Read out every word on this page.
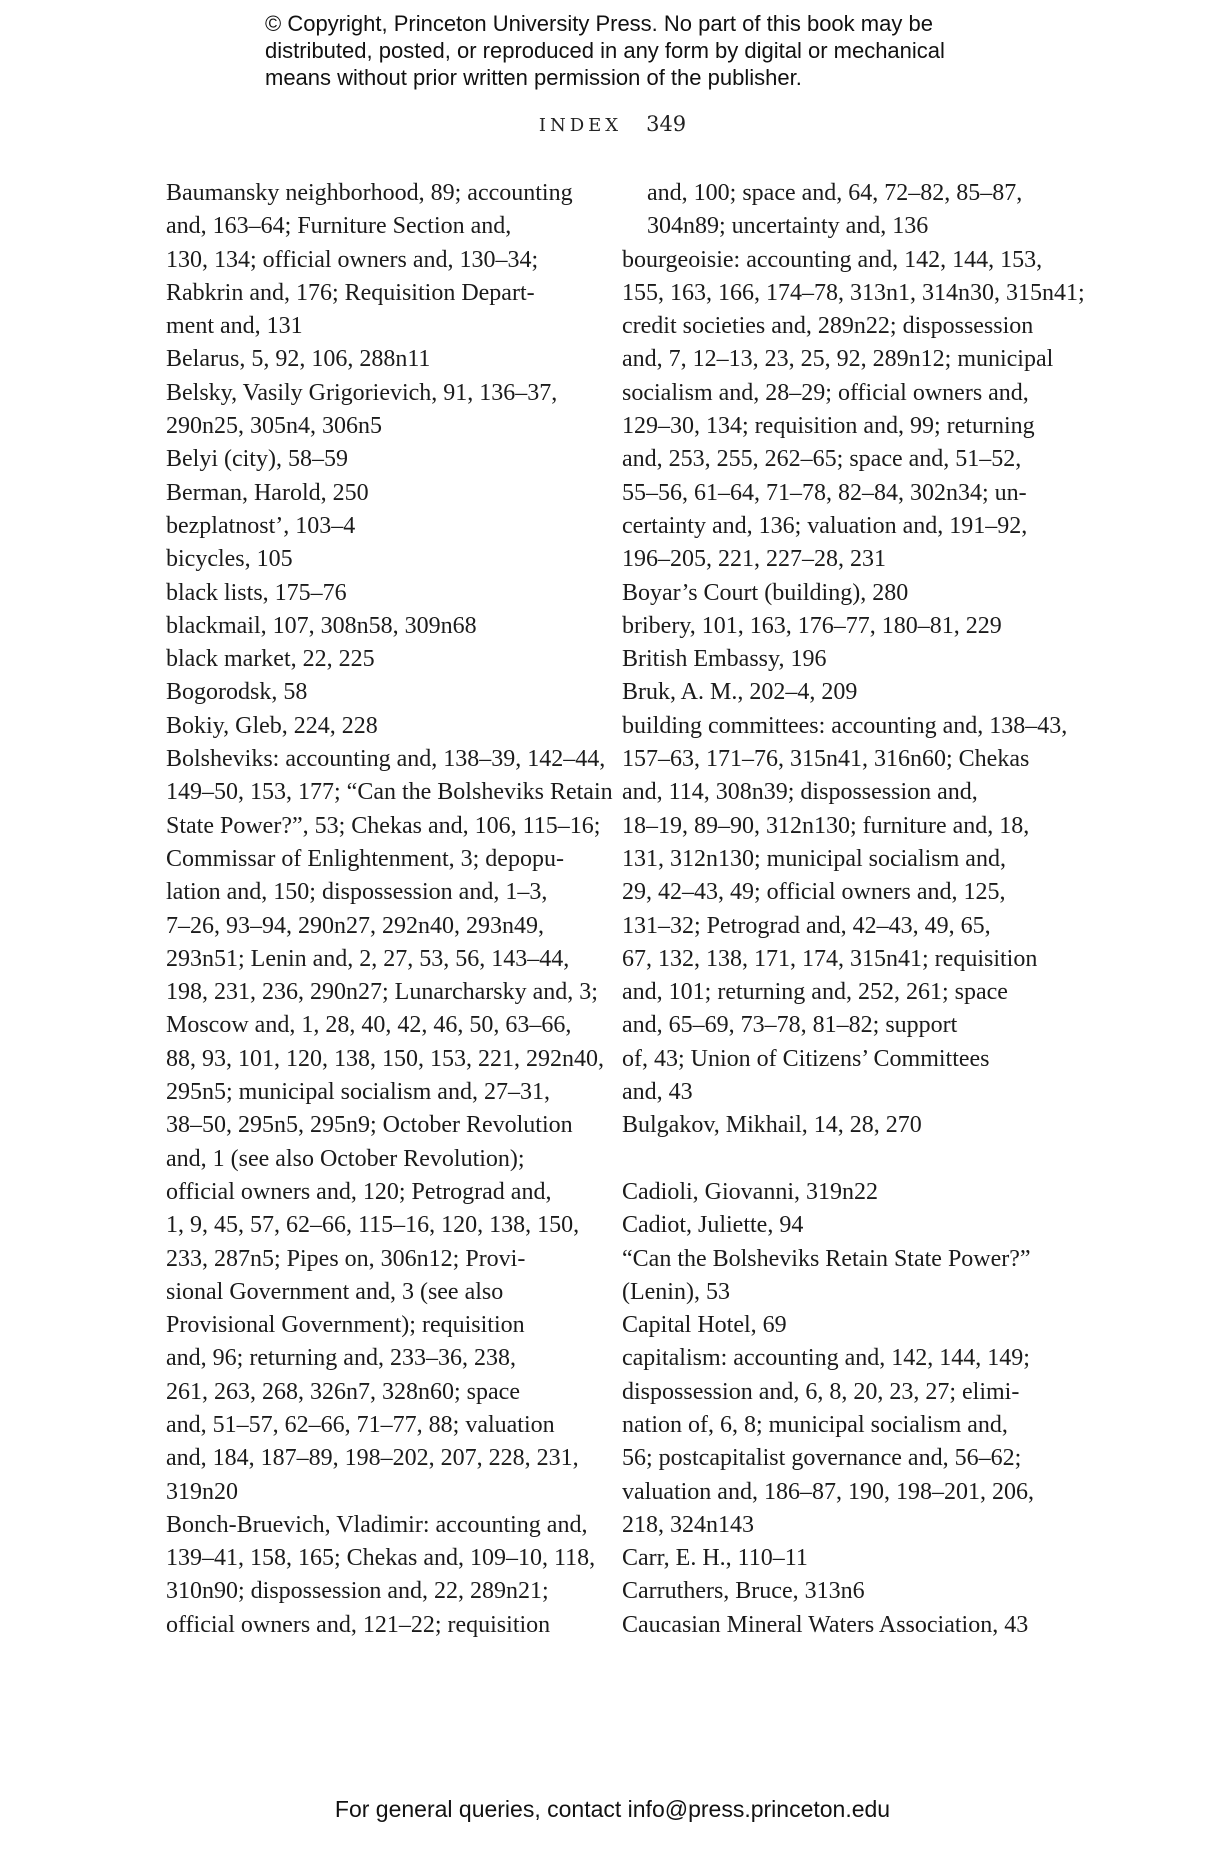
© Copyright, Princeton University Press. No part of this book may be
distributed, posted, or reproduced in any form by digital or mechanical
means without prior written permission of the publisher.
INDEX 349
Baumansky neighborhood, 89; accounting
and, 163–64; Furniture Section and,
130, 134; official owners and, 130–34;
Rabkrin and, 176; Requisition Depart-
ment and, 131
Belarus, 5, 92, 106, 288n11
Belsky, Vasily Grigorievich, 91, 136–37,
290n25, 305n4, 306n5
Belyi (city), 58–59
Berman, Harold, 250
bezplatnost’, 103–4
bicycles, 105
black lists, 175–76
blackmail, 107, 308n58, 309n68
black market, 22, 225
Bogorodsk, 58
Bokiy, Gleb, 224, 228
Bolsheviks: accounting and, 138–39, 142–44,
149–50, 153, 177; “Can the Bolsheviks Retain
State Power?”, 53; Chekas and, 106, 115–16;
Commissar of Enlightenment, 3; depopu-
lation and, 150; dispossession and, 1–3,
7–26, 93–94, 290n27, 292n40, 293n49,
293n51; Lenin and, 2, 27, 53, 56, 143–44,
198, 231, 236, 290n27; Lunarcharsky and, 3;
Moscow and, 1, 28, 40, 42, 46, 50, 63–66,
88, 93, 101, 120, 138, 150, 153, 221, 292n40,
295n5; municipal socialism and, 27–31,
38–50, 295n5, 295n9; October Revolution
and, 1 (see also October Revolution);
official owners and, 120; Petrograd and,
1, 9, 45, 57, 62–66, 115–16, 120, 138, 150,
233, 287n5; Pipes on, 306n12; Provi-
sional Government and, 3 (see also
Provisional Government); requisition
and, 96; returning and, 233–36, 238,
261, 263, 268, 326n7, 328n60; space
and, 51–57, 62–66, 71–77, 88; valuation
and, 184, 187–89, 198–202, 207, 228, 231,
319n20
Bonch-Bruevich, Vladimir: accounting and,
139–41, 158, 165; Chekas and, 109–10, 118,
310n90; dispossession and, 22, 289n21;
official owners and, 121–22; requisition
and, 100; space and, 64, 72–82, 85–87,
304n89; uncertainty and, 136
bourgeoisie: accounting and, 142, 144, 153,
155, 163, 166, 174–78, 313n1, 314n30, 315n41;
credit societies and, 289n22; dispossession
and, 7, 12–13, 23, 25, 92, 289n12; municipal
socialism and, 28–29; official owners and,
129–30, 134; requisition and, 99; returning
and, 253, 255, 262–65; space and, 51–52,
55–56, 61–64, 71–78, 82–84, 302n34; un-
certainty and, 136; valuation and, 191–92,
196–205, 221, 227–28, 231
Boyar’s Court (building), 280
bribery, 101, 163, 176–77, 180–81, 229
British Embassy, 196
Bruk, A. M., 202–4, 209
building committees: accounting and, 138–43,
157–63, 171–76, 315n41, 316n60; Chekas
and, 114, 308n39; dispossession and,
18–19, 89–90, 312n130; furniture and, 18,
131, 312n130; municipal socialism and,
29, 42–43, 49; official owners and, 125,
131–32; Petrograd and, 42–43, 49, 65,
67, 132, 138, 171, 174, 315n41; requisition
and, 101; returning and, 252, 261; space
and, 65–69, 73–78, 81–82; support
of, 43; Union of Citizens’ Committees
and, 43
Bulgakov, Mikhail, 14, 28, 270
Cadioli, Giovanni, 319n22
Cadiot, Juliette, 94
“Can the Bolsheviks Retain State Power?”
(Lenin), 53
Capital Hotel, 69
capitalism: accounting and, 142, 144, 149;
dispossession and, 6, 8, 20, 23, 27; elimi-
nation of, 6, 8; municipal socialism and,
56; postcapitalist governance and, 56–62;
valuation and, 186–87, 190, 198–201, 206,
218, 324n143
Carr, E. H., 110–11
Carruthers, Bruce, 313n6
Caucasian Mineral Waters Association, 43
For general queries, contact info@press.princeton.edu
